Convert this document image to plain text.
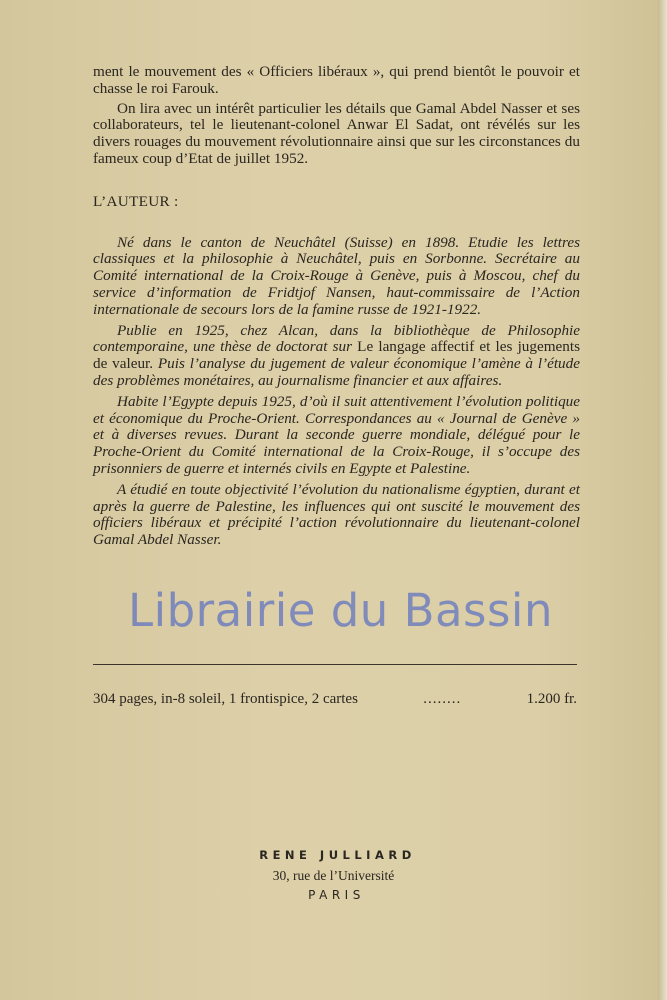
ment le mouvement des « Officiers libéraux », qui prend bientôt le pouvoir et chasse le roi Farouk.

On lira avec un intérêt particulier les détails que Gamal Abdel Nasser et ses collaborateurs, tel le lieutenant-colonel Anwar El Sadat, ont révélés sur les divers rouages du mouvement révolutionnaire ainsi que sur les circonstances du fameux coup d’Etat de juillet 1952.

L’AUTEUR :

Né dans le canton de Neuchâtel (Suisse) en 1898. Etudie les lettres classiques et la philosophie à Neuchâtel, puis en Sorbonne. Secrétaire au Comité international de la Croix-Rouge à Genève, puis à Moscou, chef du service d’information de Fridtjof Nansen, haut-commissaire de l’Action internationale de secours lors de la famine russe de 1921-1922.

Publie en 1925, chez Alcan, dans la bibliothèque de Philosophie contemporaine, une thèse de doctorat sur Le langage affectif et les jugements de valeur. Puis l’analyse du jugement de valeur économique l’amène à l’étude des problèmes monétaires, au journalisme financier et aux affaires.

Habite l’Egypte depuis 1925, d’où il suit attentivement l’évolution politique et économique du Proche-Orient. Correspondances au « Journal de Genève » et à diverses revues. Durant la seconde guerre mondiale, délégué pour le Proche-Orient du Comité international de la Croix-Rouge, il s’occupe des prisonniers de guerre et internés civils en Egypte et Palestine.

A étudié en toute objectivité l’évolution du nationalisme égyptien, durant et après la guerre de Palestine, les influences qui ont suscité le mouvement des officiers libéraux et précipité l’action révolutionnaire du lieutenant-colonel Gamal Abdel Nasser.

304 pages, in-8 soleil, 1 frontispice, 2 cartes	........	1.200 fr.
RENE JULLIARD
30, rue de l’Université
PARIS
Librairie du Bassin
